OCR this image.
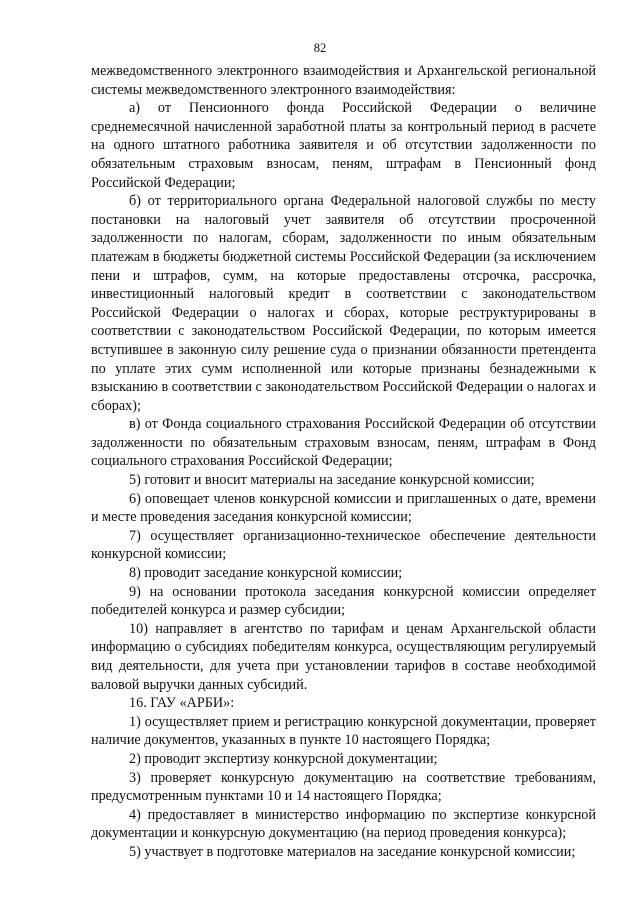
82

межведомственного электронного взаимодействия и Архангельской региональной системы межведомственного электронного взаимодействия:

а) от Пенсионного фонда Российской Федерации о величине среднемесячной начисленной заработной платы за контрольный период в расчете на одного штатного работника заявителя и об отсутствии задолженности по обязательным страховым взносам, пеням, штрафам в Пенсионный фонд Российской Федерации;

б) от территориального органа Федеральной налоговой службы по месту постановки на налоговый учет заявителя об отсутствии просроченной задолженности по налогам, сборам, задолженности по иным обязательным платежам в бюджеты бюджетной системы Российской Федерации (за исключением пени и штрафов, сумм, на которые предоставлены отсрочка, рассрочка, инвестиционный налоговый кредит в соответствии с законодательством Российской Федерации о налогах и сборах, которые реструктурированы в соответствии с законодательством Российской Федерации, по которым имеется вступившее в законную силу решение суда о признании обязанности претендента по уплате этих сумм исполненной или которые признаны безнадежными к взысканию в соответствии с законодательством Российской Федерации о налогах и сборах);

в) от Фонда социального страхования Российской Федерации об отсутствии задолженности по обязательным страховым взносам, пеням, штрафам в Фонд социального страхования Российской Федерации;

5) готовит и вносит материалы на заседание конкурсной комиссии;

6) оповещает членов конкурсной комиссии и приглашенных о дате, времени и месте проведения заседания конкурсной комиссии;

7) осуществляет организационно-техническое обеспечение деятельности конкурсной комиссии;

8) проводит заседание конкурсной комиссии;

9) на основании протокола заседания конкурсной комиссии определяет победителей конкурса и размер субсидии;

10) направляет в агентство по тарифам и ценам Архангельской области информацию о субсидиях победителям конкурса, осуществляющим регулируемый вид деятельности, для учета при установлении тарифов в составе необходимой валовой выручки данных субсидий.

16. ГАУ «АРБИ»:

1) осуществляет прием и регистрацию конкурсной документации, проверяет наличие документов, указанных в пункте 10 настоящего Порядка;

2) проводит экспертизу конкурсной документации;

3) проверяет конкурсную документацию на соответствие требованиям, предусмотренным пунктами 10 и 14 настоящего Порядка;

4) предоставляет в министерство информацию по экспертизе конкурсной документации и конкурсную документацию (на период проведения конкурса);

5) участвует в подготовке материалов на заседание конкурсной комиссии;
